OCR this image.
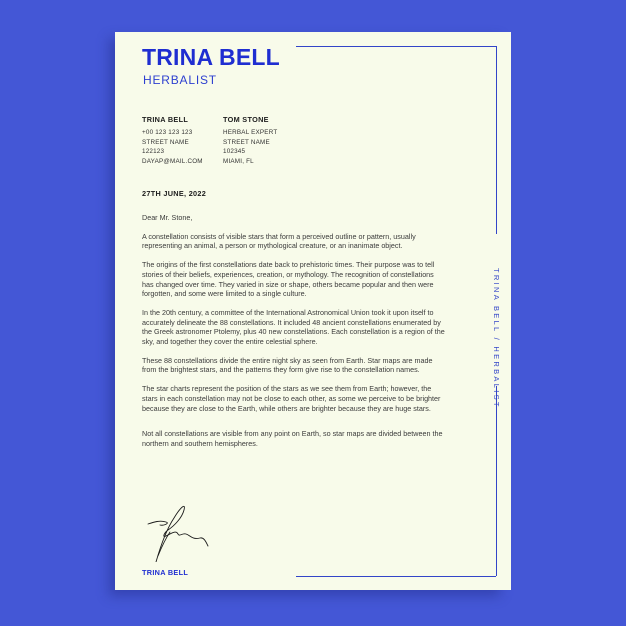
TRINA BELL / HERBALIST
TRINA BELL
HERBALIST
TRINA BELL
+00 123 123 123
STREET NAME
122123
DAYAP@MAIL.COM
TOM STONE
HERBAL EXPERT
STREET NAME
102345
MIAMI, FL
27TH JUNE, 2022

Dear Mr. Stone,

A constellation consists of visible stars that form a perceived outline or pattern, usually representing an animal, a person or mythological creature, or an inanimate object.

The origins of the first constellations date back to prehistoric times. Their purpose was to tell stories of their beliefs, experiences, creation, or mythology. The recognition of constellations has changed over time. They varied in size or shape, others became popular and then were forgotten, and some were limited to a single culture.

In the 20th century, a committee of the International Astronomical Union took it upon itself to accurately delineate the 88 constellations. It included 48 ancient constellations enumerated by the Greek astronomer Ptolemy, plus 40 new constellations. Each constellation is a region of the sky, and together they cover the entire celestial sphere.

These 88 constellations divide the entire night sky as seen from Earth. Star maps are made from the brightest stars, and the patterns they form give rise to the constellation names.

The star charts represent the position of the stars as we see them from Earth; however, the stars in each constellation may not be close to each other, as some we perceive to be brighter because they are close to the Earth, while others are brighter because they are huge stars.

Not all constellations are visible from any point on Earth, so star maps are divided between the northern and southern hemispheres.

TRINA BELL
